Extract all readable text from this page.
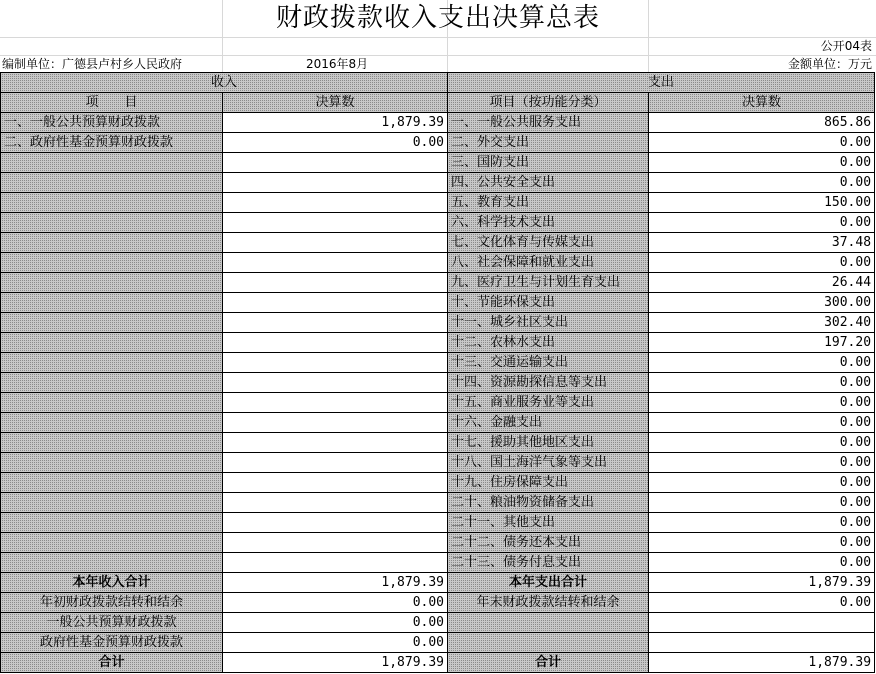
财政拨款收入支出决算总表
公开04表
编制单位：广德县卢村乡人民政府	2016年8月	金额单位：万元
收入		支出	
项　　目	决算数	项目（按功能分类）	决算数
一、一般公共预算财政拨款	1,879.39	一、一般公共服务支出	865.86
二、政府性基金预算财政拨款	0.00	二、外交支出	0.00
		三、国防支出	0.00
		四、公共安全支出	0.00
		五、教育支出	150.00
		六、科学技术支出	0.00
		七、文化体育与传媒支出	37.48
		八、社会保障和就业支出	0.00
		九、医疗卫生与计划生育支出	26.44
		十、节能环保支出	300.00
		十一、城乡社区支出	302.40
		十二、农林水支出	197.20
		十三、交通运输支出	0.00
		十四、资源勘探信息等支出	0.00
		十五、商业服务业等支出	0.00
		十六、金融支出	0.00
		十七、援助其他地区支出	0.00
		十八、国土海洋气象等支出	0.00
		十九、住房保障支出	0.00
		二十、粮油物资储备支出	0.00
		二十一、其他支出	0.00
		二十二、债务还本支出	0.00
		二十三、债务付息支出	0.00
本年收入合计	1,879.39	本年支出合计	1,879.39
年初财政拨款结转和结余	0.00	年末财政拨款结转和结余	0.00
一般公共预算财政拨款	0.00		
政府性基金预算财政拨款	0.00		
合计	1,879.39	合计	1,879.39
